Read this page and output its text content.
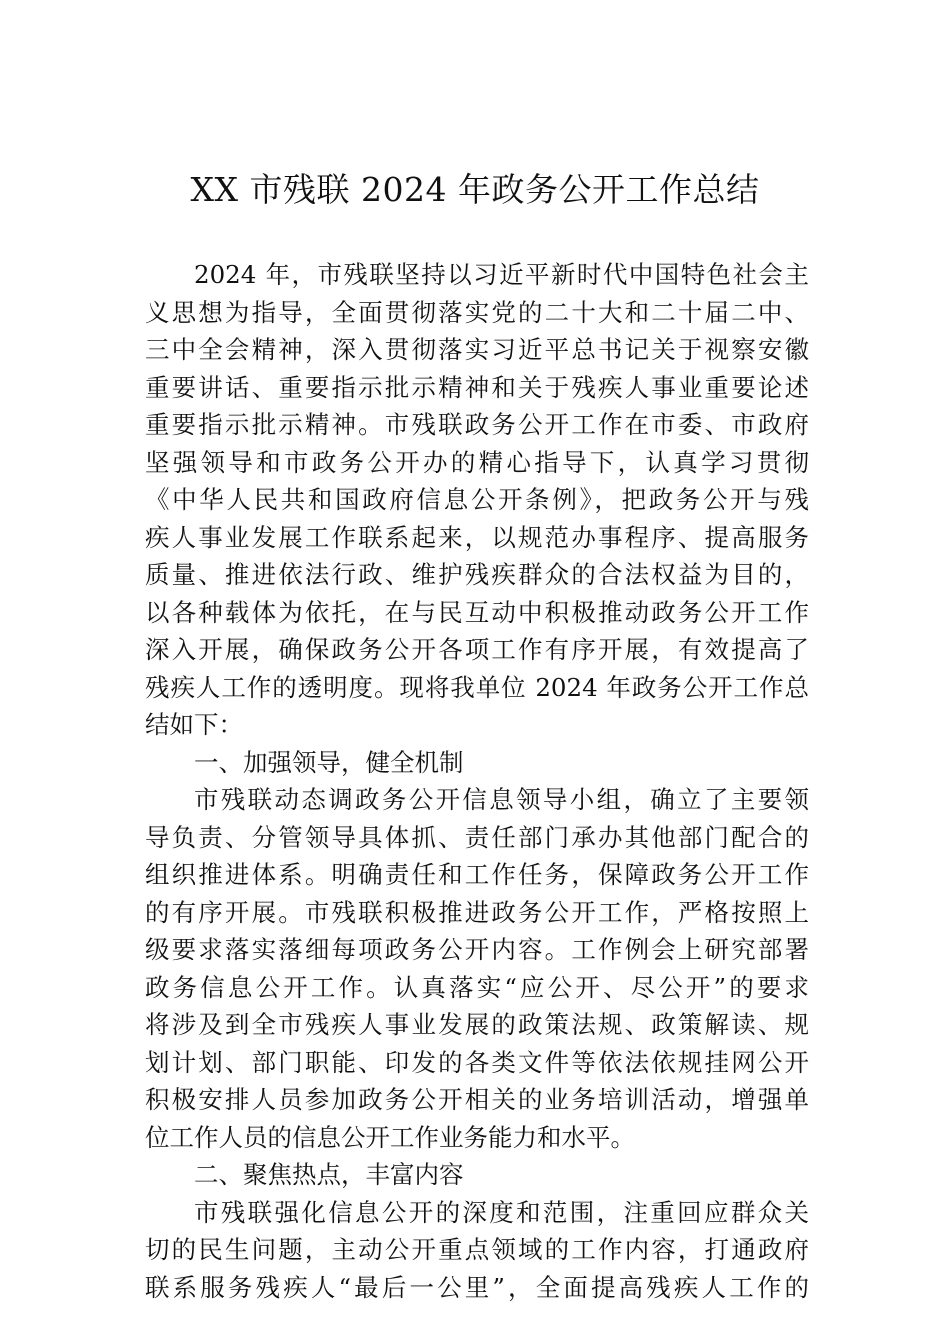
XX 市残联 2024 年政务公开工作总结
2024 年，市残联坚持以习近平新时代中国特色社会主
义思想为指导，全面贯彻落实党的二十大和二十届二中、
三中全会精神，深入贯彻落实习近平总书记关于视察安徽
重要讲话、重要指示批示精神和关于残疾人事业重要论述
重要指示批示精神。市残联政务公开工作在市委、市政府
坚强领导和市政务公开办的精心指导下，认真学习贯彻
《中华人民共和国政府信息公开条例》，把政务公开与残
疾人事业发展工作联系起来，以规范办事程序、提高服务
质量、推进依法行政、维护残疾群众的合法权益为目的，
以各种载体为依托，在与民互动中积极推动政务公开工作
深入开展，确保政务公开各项工作有序开展，有效提高了
残疾人工作的透明度。现将我单位 2024 年政务公开工作总
结如下：
一、加强领导，健全机制
市残联动态调政务公开信息领导小组，确立了主要领
导负责、分管领导具体抓、责任部门承办其他部门配合的
组织推进体系。明确责任和工作任务，保障政务公开工作
的有序开展。市残联积极推进政务公开工作，严格按照上
级要求落实落细每项政务公开内容。工作例会上研究部署
政务信息公开工作。认真落实“应公开、尽公开”的要求
将涉及到全市残疾人事业发展的政策法规、政策解读、规
划计划、部门职能、印发的各类文件等依法依规挂网公开
积极安排人员参加政务公开相关的业务培训活动，增强单
位工作人员的信息公开工作业务能力和水平。
二、聚焦热点，丰富内容
市残联强化信息公开的深度和范围，注重回应群众关
切的民生问题，主动公开重点领域的工作内容，打通政府
联系服务残疾人“最后一公里”，全面提高残疾人工作的
